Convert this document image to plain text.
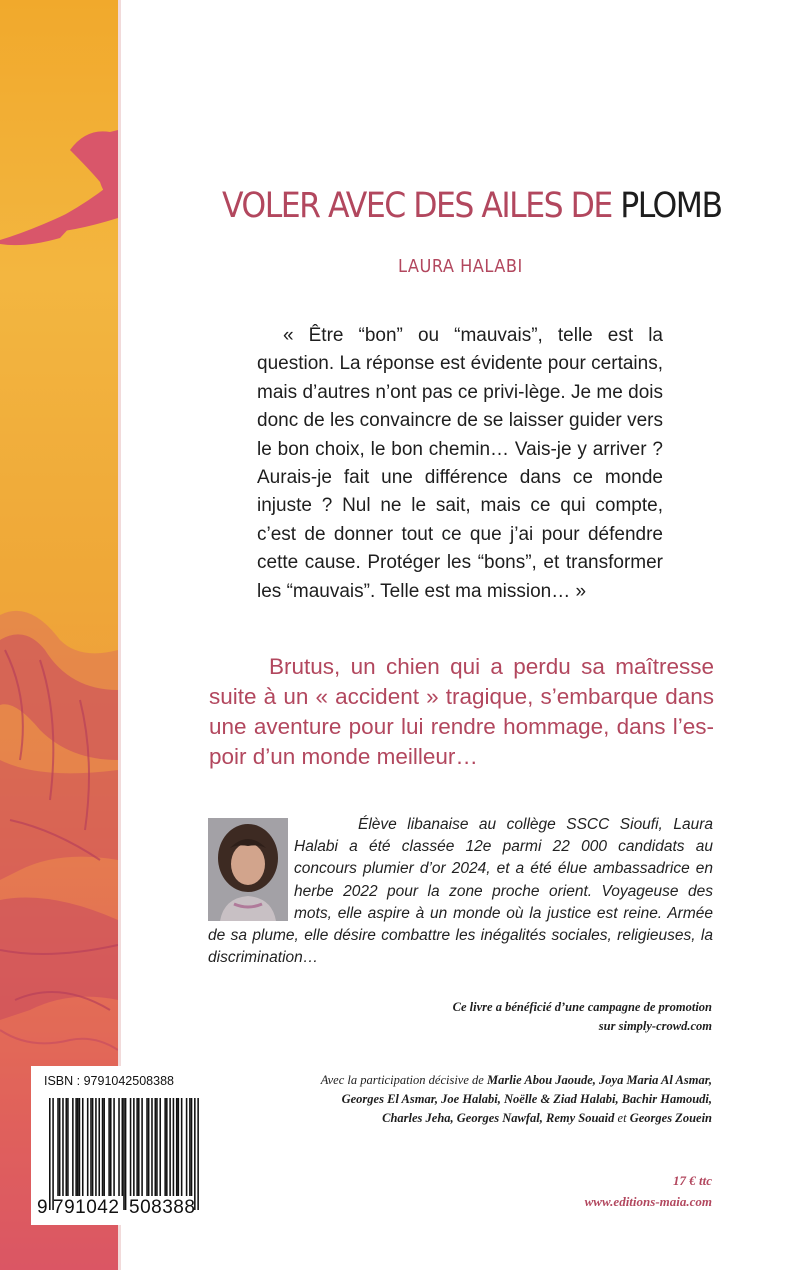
VOLER AVEC DES AILES DE PLOMB
LAURA HALABI

« Être “bon” ou “mauvais”, telle est la question. La réponse est évidente pour certains, mais d’autres n’ont pas ce privi-lège. Je me dois donc de les convaincre de se laisser guider vers le bon choix, le bon chemin… Vais-je y arriver ? Aurais-je fait une différence dans ce monde injuste ? Nul ne le sait, mais ce qui compte, c’est de donner tout ce que j’ai pour défendre cette cause. Protéger les “bons”, et transformer les “mauvais”. Telle est ma mission… »

Brutus, un chien qui a perdu sa maîtresse suite à un « accident » tragique, s’embarque dans une aventure pour lui rendre hommage, dans l’es-poir d’un monde meilleur…

Élève libanaise au collège SSCC Sioufi, Laura Halabi a été classée 12e parmi 22 000 candidats au concours plumier d’or 2024, et a été élue ambassadrice en herbe 2022 pour la zone proche orient. Voyageuse des mots, elle aspire à un monde où la justice est reine. Armée de sa plume, elle désire combattre les inégalités sociales, religieuses, la discrimination…

Ce livre a bénéficié d’une campagne de promotion
sur simply-crowd.com
Avec la participation décisive de Marlie Abou Jaoude, Joya Maria Al Asmar, Georges El Asmar, Joe Halabi, Noëlle & Ziad Halabi, Bachir Hamoudi, Charles Jeha, Georges Nawfal, Remy Souaid et Georges Zouein
17 € ttc
www.editions-maia.com
ISBN : 9791042508388
9 791042 508388
